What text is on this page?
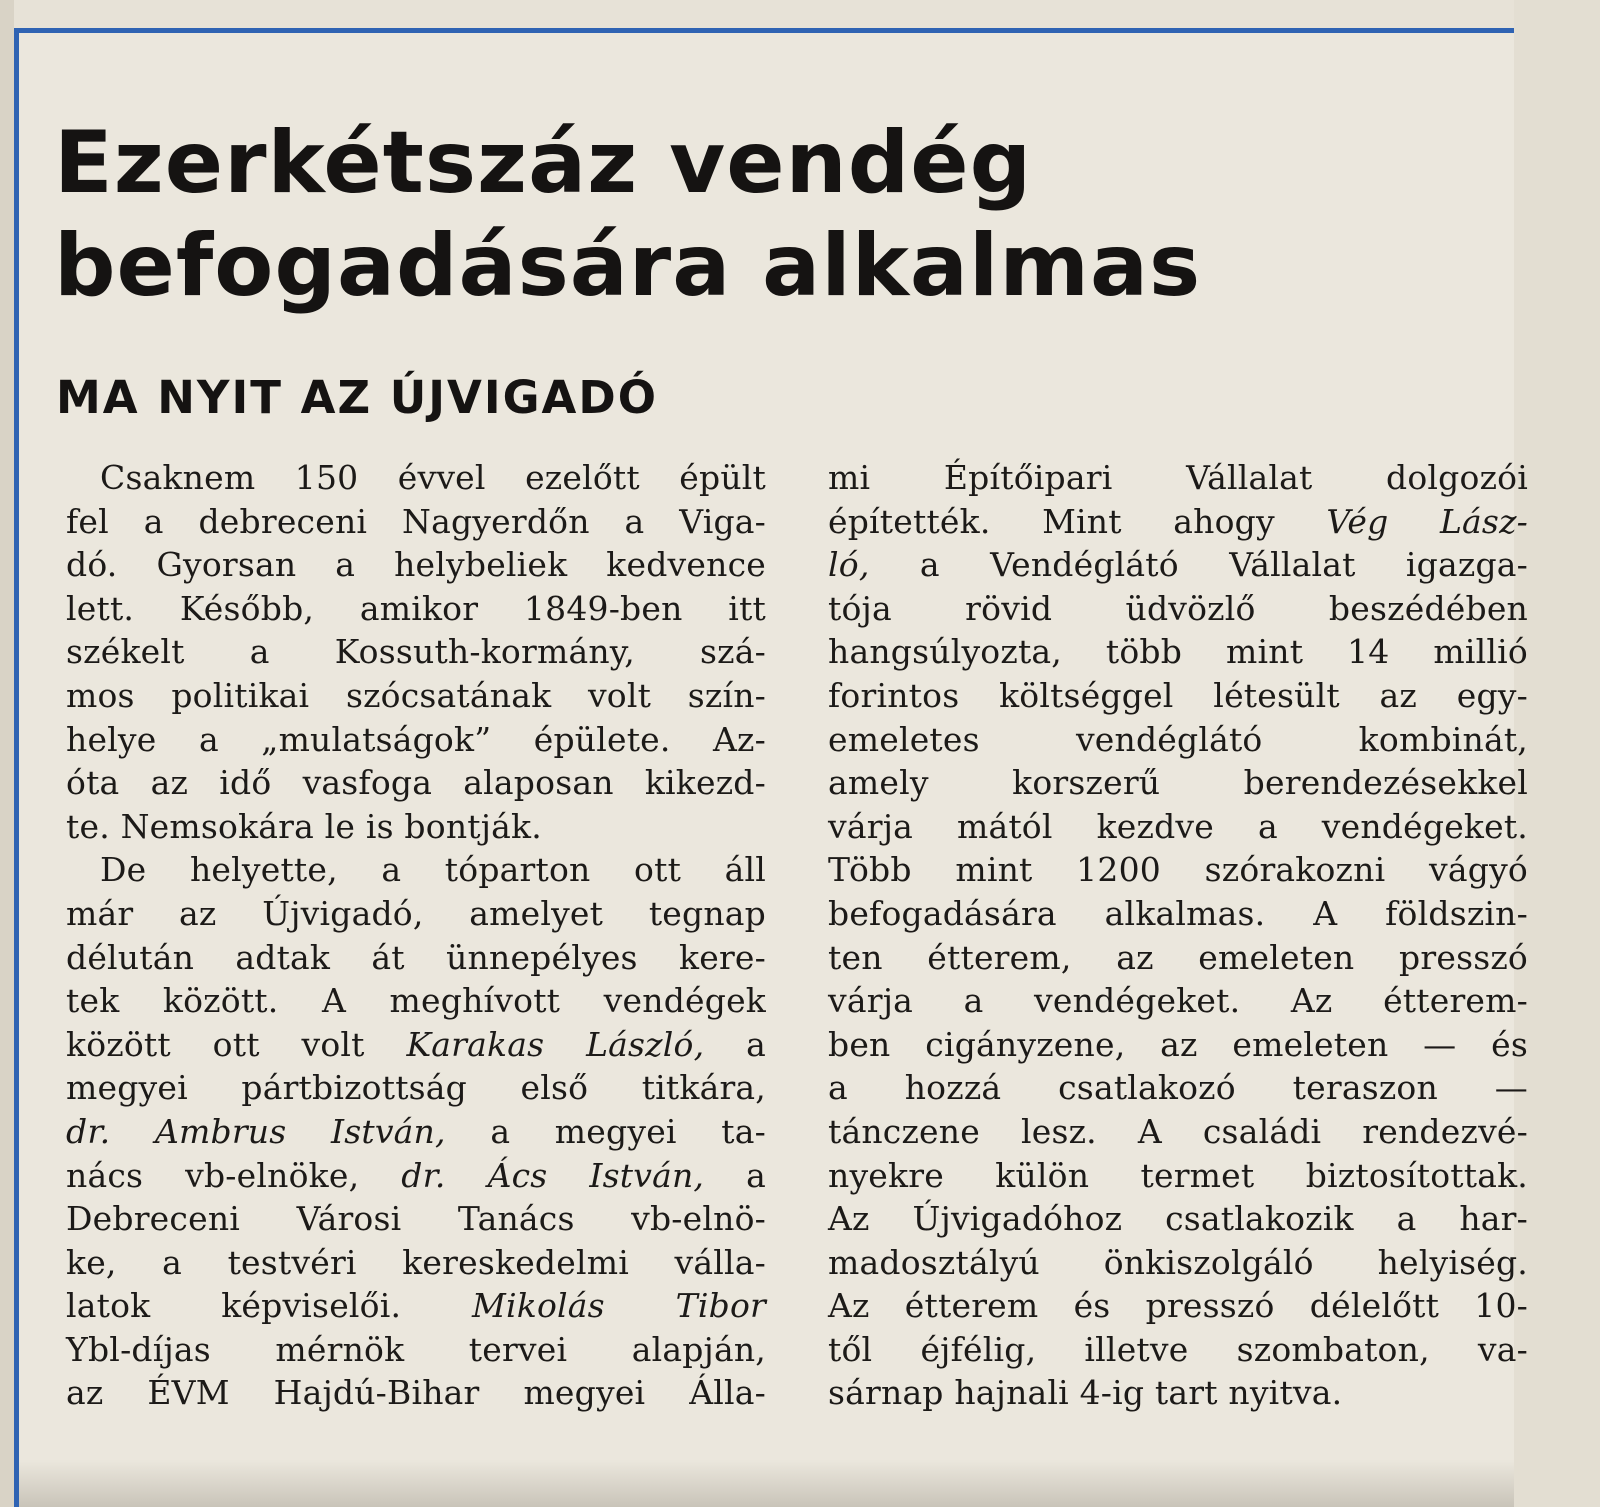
Ezerkétszáz vendég
befogadására alkalmas
MA NYIT AZ ÚJVIGADÓ
Csaknem 150 évvel ezelőtt épült
fel a debreceni Nagyerdőn a Viga-
dó. Gyorsan a helybeliek kedvence
lett. Később, amikor 1849-ben itt
székelt a Kossuth-kormány, szá-
mos politikai szócsatának volt szín-
helye a „mulatságok” épülete. Az-
óta az idő vasfoga alaposan kikezd-
te. Nemsokára le is bontják.
De helyette, a tóparton ott áll
már az Újvigadó, amelyet tegnap
délután adtak át ünnepélyes kere-
tek között. A meghívott vendégek
között ott volt Karakas László, a
megyei pártbizottság első titkára,
dr. Ambrus István, a megyei ta-
nács vb-elnöke, dr. Ács István, a
Debreceni Városi Tanács vb-elnö-
ke, a testvéri kereskedelmi válla-
latok képviselői. Mikolás Tibor
Ybl-díjas mérnök tervei alapján,
az ÉVM Hajdú-Bihar megyei Álla-
mi Építőipari Vállalat dolgozói
építették. Mint ahogy Vég Lász-
ló, a Vendéglátó Vállalat igazga-
tója rövid üdvözlő beszédében
hangsúlyozta, több mint 14 millió
forintos költséggel létesült az egy-
emeletes vendéglátó kombinát,
amely korszerű berendezésekkel
várja mától kezdve a vendégeket.
Több mint 1200 szórakozni vágyó
befogadására alkalmas. A földszin-
ten étterem, az emeleten presszó
várja a vendégeket. Az étterem-
ben cigányzene, az emeleten — és
a hozzá csatlakozó teraszon —
tánczene lesz. A családi rendezvé-
nyekre külön termet biztosítottak.
Az Újvigadóhoz csatlakozik a har-
madosztályú önkiszolgáló helyiség.
Az étterem és presszó délelőtt 10-
től éjfélig, illetve szombaton, va-
sárnap hajnali 4-ig tart nyitva.
